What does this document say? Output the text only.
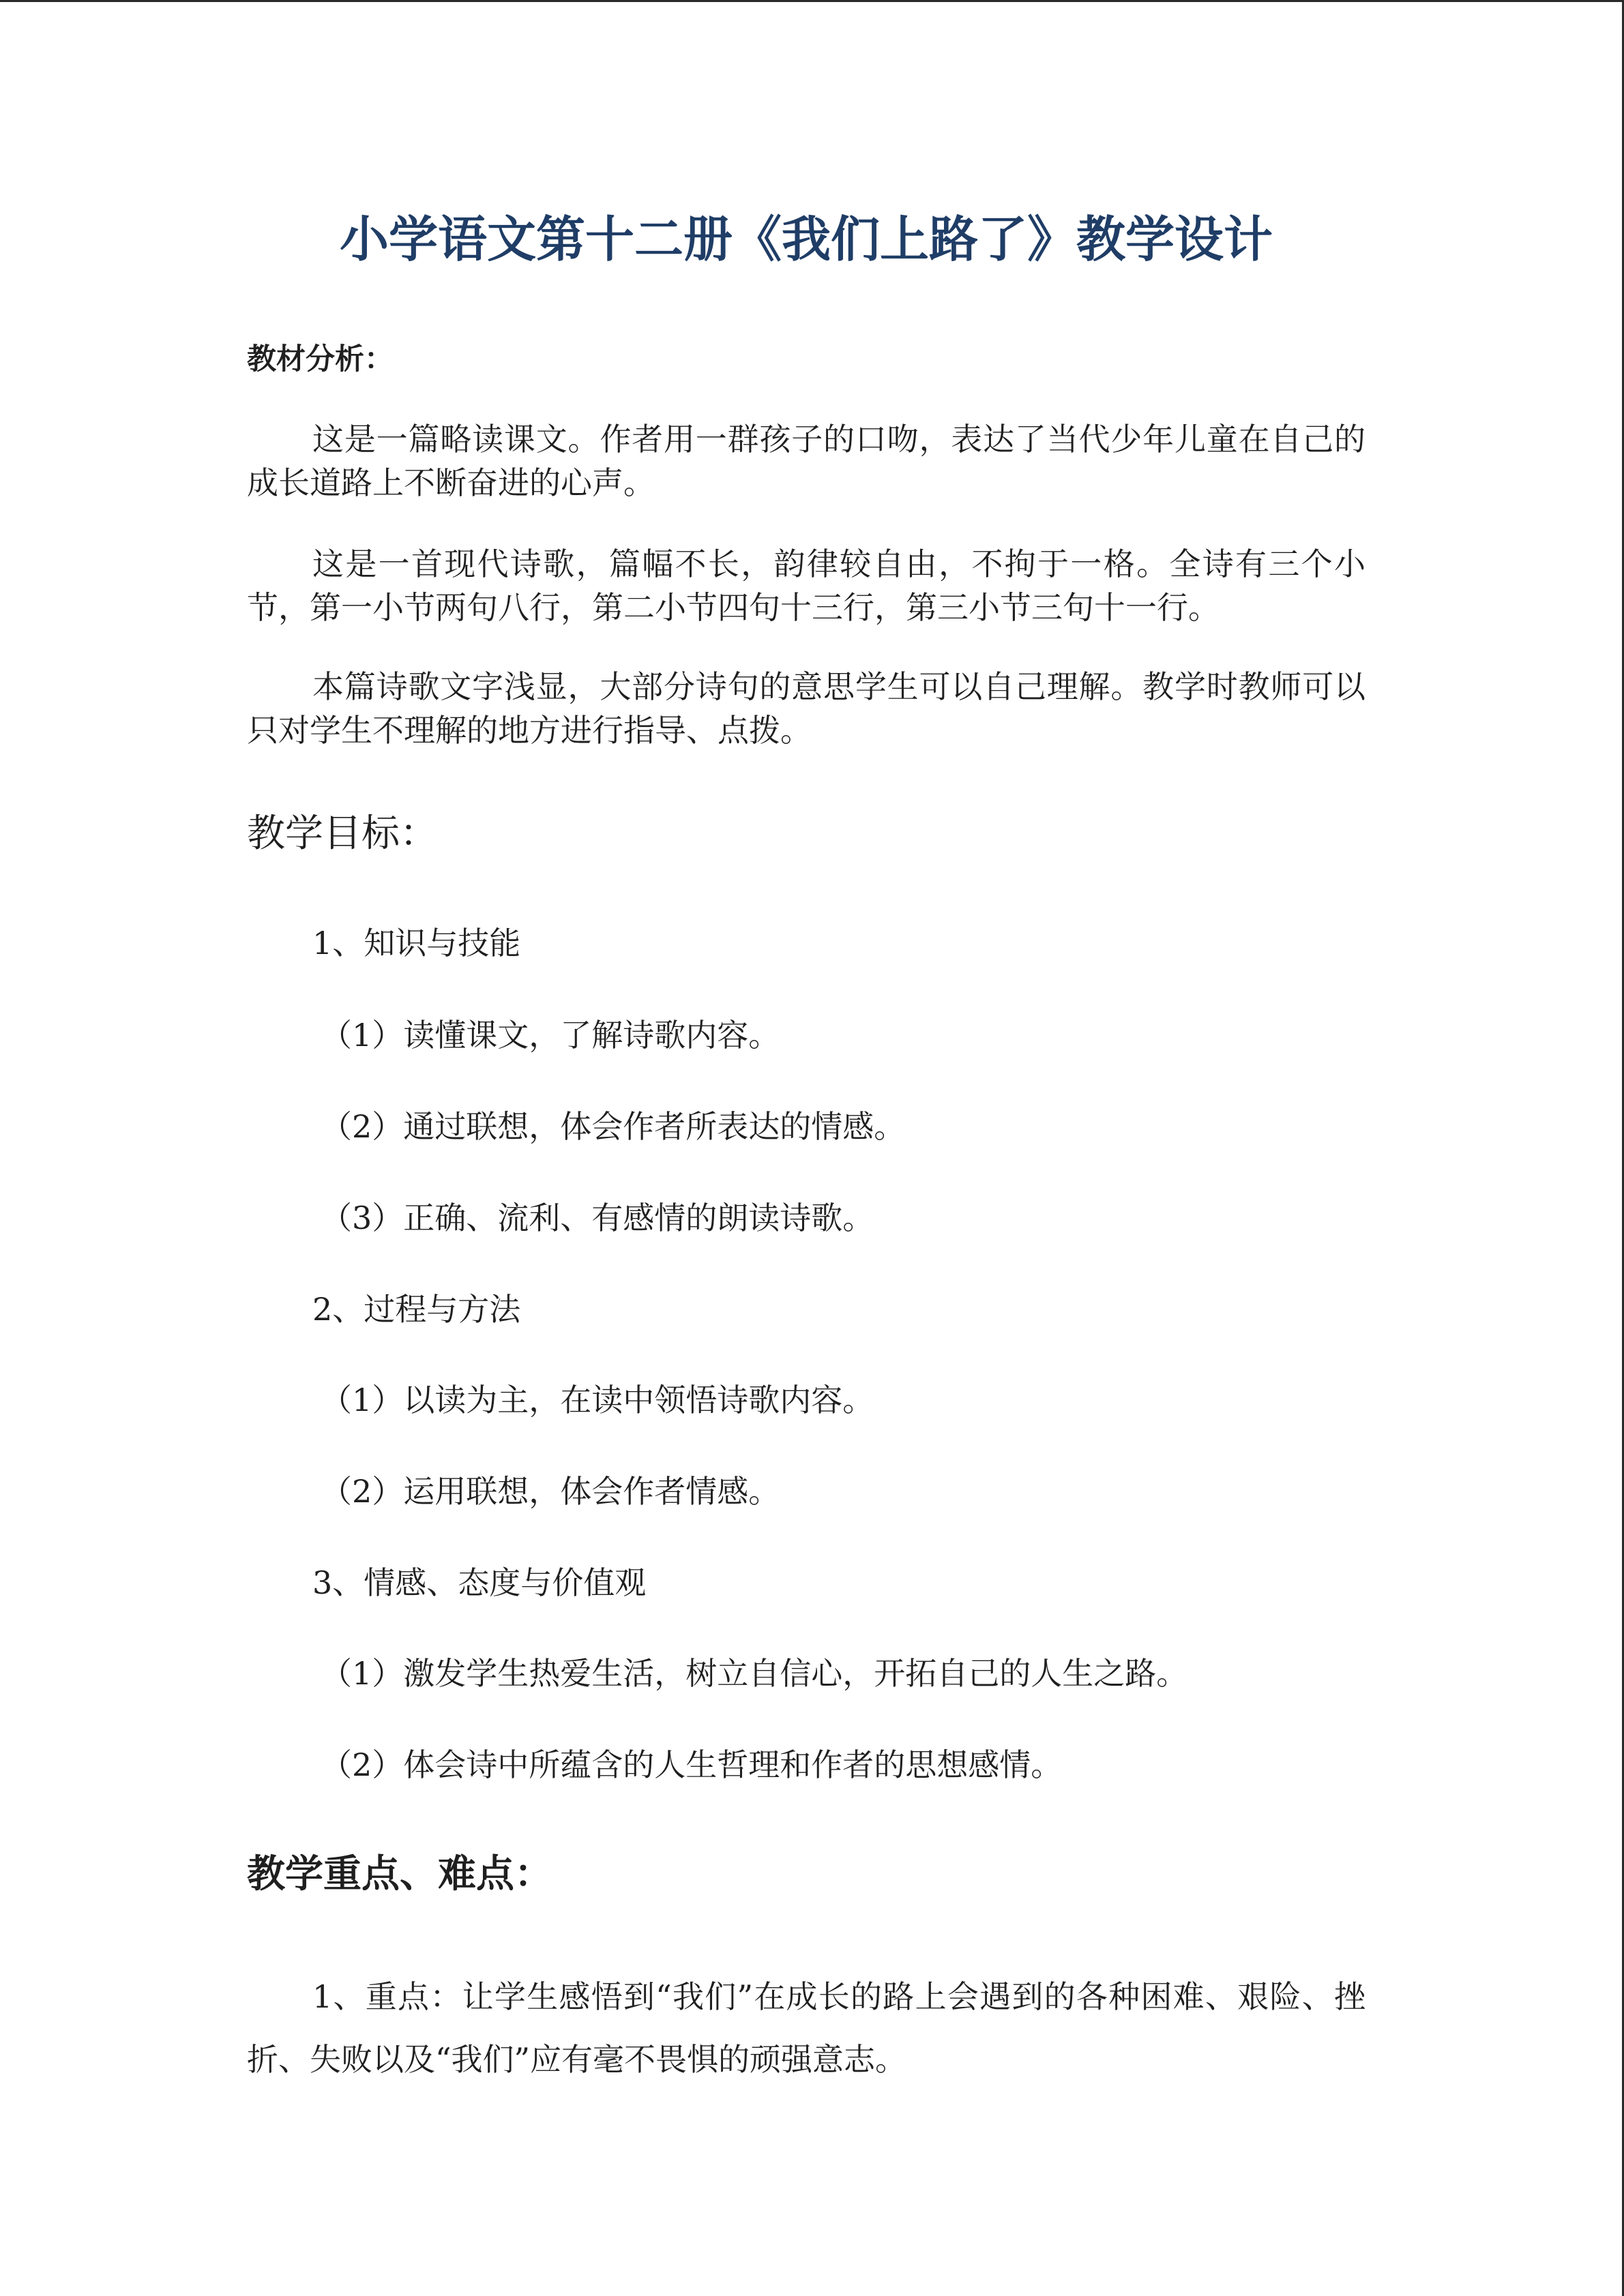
小学语文第十二册《我们上路了》教学设计
教材分析：

这是一篇略读课文。作者用一群孩子的口吻，表达了当代少年儿童在自己的成长道路上不断奋进的心声。

这是一首现代诗歌，篇幅不长，韵律较自由，不拘于一格。全诗有三个小节，第一小节两句八行，第二小节四句十三行，第三小节三句十一行。

本篇诗歌文字浅显，大部分诗句的意思学生可以自己理解。教学时教师可以只对学生不理解的地方进行指导、点拨。

教学目标：
1、知识与技能
（1）读懂课文，了解诗歌内容。
（2）通过联想，体会作者所表达的情感。
（3）正确、流利、有感情的朗读诗歌。
2、过程与方法
（1）以读为主，在读中领悟诗歌内容。
（2）运用联想，体会作者情感。
3、情感、态度与价值观
（1）激发学生热爱生活，树立自信心，开拓自己的人生之路。
（2）体会诗中所蕴含的人生哲理和作者的思想感情。
教学重点、难点：

1、重点：让学生感悟到“我们”在成长的路上会遇到的各种困难、艰险、挫折、失败以及“我们”应有毫不畏惧的顽强意志。
